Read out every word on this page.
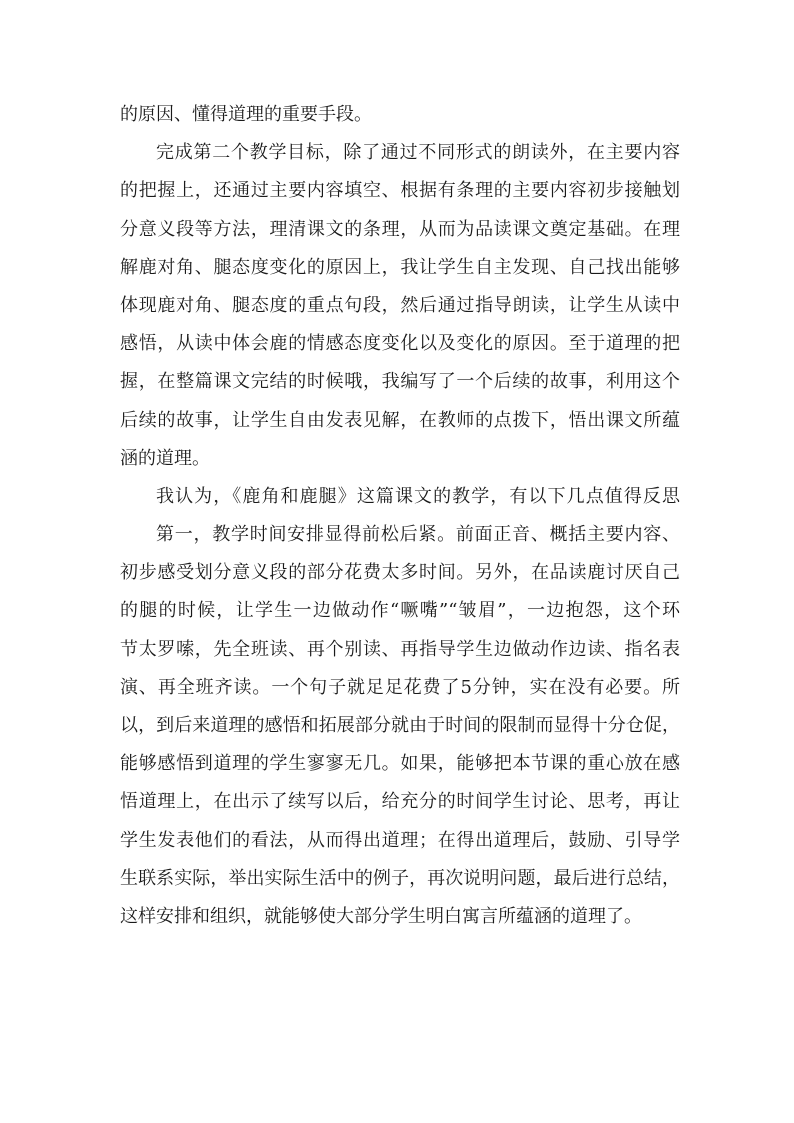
的原因、懂得道理的重要手段。
完成第二个教学目标，除了通过不同形式的朗读外，在主要内容
的把握上，还通过主要内容填空、根据有条理的主要内容初步接触划
分意义段等方法，理清课文的条理，从而为品读课文奠定基础。在理
解鹿对角、腿态度变化的原因上，我让学生自主发现、自己找出能够
体现鹿对角、腿态度的重点句段，然后通过指导朗读，让学生从读中
感悟，从读中体会鹿的情感态度变化以及变化的原因。至于道理的把
握，在整篇课文完结的时候哦，我编写了一个后续的故事，利用这个
后续的故事，让学生自由发表见解，在教师的点拨下，悟出课文所蕴
涵的道理。
我认为，《鹿角和鹿腿》这篇课文的教学，有以下几点值得反思
第一，教学时间安排显得前松后紧。前面正音、概括主要内容、
初步感受划分意义段的部分花费太多时间。另外，在品读鹿讨厌自己
的腿的时候，让学生一边做动作“噘嘴”“皱眉”，一边抱怨，这个环
节太罗嗦，先全班读、再个别读、再指导学生边做动作边读、指名表
演、再全班齐读。一个句子就足足花费了5分钟，实在没有必要。所
以，到后来道理的感悟和拓展部分就由于时间的限制而显得十分仓促，
能够感悟到道理的学生寥寥无几。如果，能够把本节课的重心放在感
悟道理上，在出示了续写以后，给充分的时间学生讨论、思考，再让
学生发表他们的看法，从而得出道理；在得出道理后，鼓励、引导学
生联系实际，举出实际生活中的例子，再次说明问题，最后进行总结，
这样安排和组织，就能够使大部分学生明白寓言所蕴涵的道理了。
